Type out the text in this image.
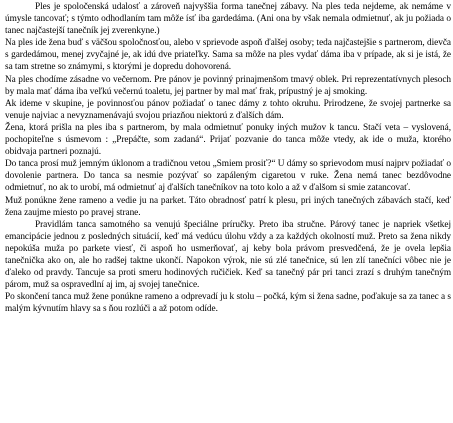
Ples je spoločenská udalosť a zároveň najvyššia forma tanečnej zábavy. Na ples teda nejdeme, ak nemáme v úmysle tancovať; s týmto odhodlaním tam môže ísť iba gardedáma. (Ani ona by však nemala odmietnuť, ak ju požiada o tanec najčastejší tanečník jej zverenkyne.)

Na ples ide žena buď s väčšou spoločnosťou, alebo v sprievode aspoň ďalšej osoby; teda najčastejšie s partnerom, dievča s gardedámou, menej zvyčajné je, ak idú dve priateľky. Sama sa môže na ples vydať dáma iba v prípade, ak si je istá, že sa tam stretne so známymi, s ktorými je dopredu dohovorená.

Na ples chodíme zásadne vo večernom. Pre pánov je povinný prinajmenšom tmavý oblek. Pri reprezentatívnych plesoch by mala mať dáma iba veľkú večernú toaletu, jej partner by mal mať frak, prípustný je aj smoking.

Ak ideme v skupine, je povinnosťou pánov požiadať o tanec dámy z tohto okruhu. Prirodzene, že svojej partnerke sa venuje najviac a nevyznamenávajú svojou priazňou niektorú z ďalších dám.

Žena, ktorá prišla na ples iba s partnerom, by mala odmietnuť ponuky iných mužov k tancu. Stačí veta – vyslovená, pochopiteľne s úsmevom : „Prepáčte, som zadaná“. Prijať pozvanie do tanca môže vtedy, ak ide o muža, ktorého obidvaja partneri poznajú.

Do tanca prosí muž jemným úklonom a tradičnou vetou „Smiem prosiť?“ U dámy so sprievodom musí najprv požiadať o dovolenie partnera. Do tanca sa nesmie pozývať so zapáleným cigaretou v ruke. Žena nemá tanec bezdôvodne odmietnuť, no ak to urobí, má odmietnuť aj ďalších tanečníkov na toto kolo a až v ďalšom si smie zatancovať.

Muž ponúkne žene rameno a vedie ju na parket. Táto obradnosť patrí k plesu, pri iných tanečných zábavách stačí, keď žena zaujme miesto po pravej strane.

Pravidlám tanca samotného sa venujú špeciálne príručky. Preto iba stručne. Párový tanec je napriek všetkej emancipácie jednou z posledných situácií, keď má vedúcu úlohu vždy a za každých okolností muž. Preto sa žena nikdy nepokúša muža po parkete viesť, či aspoň ho usmerňovať, aj keby bola právom presvedčená, že je ovela lepšia tanečnička ako on, ale ho radšej taktne ukončí. Napokon výrok, nie sú zlé tanečnice, sú len zlí tanečníci vôbec nie je ďaleko od pravdy. Tancuje sa proti smeru hodinových ručičiek. Keď sa tanečný pár pri tanci zrazí s druhým tanečným párom, muž sa ospravedlní aj im, aj svojej tanečnice.

Po skončení tanca muž žene ponúkne rameno a odprevadí ju k stolu – počká, kým si žena sadne, poďakuje sa za tanec a s malým kývnutím hlavy sa s ňou rozlúči a až potom odíde.
